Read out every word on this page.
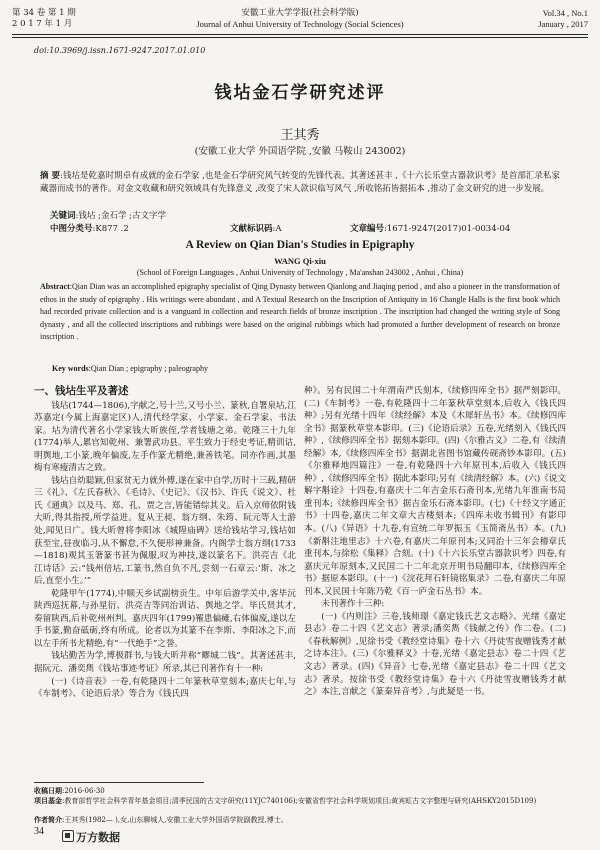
第 34 卷 第 1 期
2 0 1 7 年 1 月
安徽工业大学学报(社会科学版)
Journal of Anhui University of Technology (Social Sciences)
Vol.34 , No.1
January , 2017
doi:10.3969/j.issn.1671-9247.2017.01.010
钱坫金石学研究述评
王其秀
(安徽工业大学 外国语学院 ,安徽 马鞍山 243002)
摘 要:钱坫是乾嘉时期卓有成就的金石学家 ,也是金石学研究风气转变的先锋代表。其著述甚丰 ,《十六长乐堂古器款识考》是首部汇录私家藏器而成书的著作。对金文收藏和研究领域具有先锋意义 ,改变了宋人款识临写风气 ,所收铭拓皆据拓本 ,推动了金文研究的进一步发展。
关键词:钱坫 ;金石学 ;古文字学
中图分类号:K877 .2	文献标识码:A	文章编号:1671-9247(2017)01-0034-04
A Review on Qian Dian's Studies in Epigraphy
WANG Qi-xiu
(School of Foreign Languages , Anhui University of Technology , Ma'anshan 243002 , Anhui , China)
Abstract:Qian Dian was an accomplished epigraphy specialist of Qing Dynasty between Qianlong and Jiaqing period , and also a pioneer in the transformation of ethos in the study of epigraphy . His writings were abundant , and A Textual Research on the Inscription of Antiquity in 16 Changle Halls is the first book which had recorded private collection and is a vanguard in collection and research fields of bronze inscription . The inscription had changed the writing style of Song dynasty , and all the collected inscriptions and rubbings were based on the original rubbings which had promoted a further development of research on bronze inscription .
Key words:Qian Dian ; epigraphy ; paleography
一、钱坫生平及著述

钱坫(1744—1806),字献之,号十兰,又号小兰、篆秋,自署泉坫,江苏嘉定(今属上海嘉定区)人,清代经学家、小学家、金石学家、书法家。坫为清代著名小学家钱大昕族侄,学者钱塘之弟。乾隆三十九年(1774)举人,累官知乾州、兼署武功县。平生致力于经史考证,精训诂,明舆地,工小篆,晚年偏废,左手作篆尤精绝,兼善铁笔。同亦作画,其墨梅有寒瘦清古之致。

钱坫自幼聪颖,但家贫无力就外傅,遂在家中自学,历时十三载,精研三《礼》、《左氏春秋》、《毛诗》、《史记》、《汉书》、许氏《说文》、杜氏《通典》以及马、郑、孔、贾之言,皆能错综其义。后入京师依附钱大昕,得其指授,所学益进。复从王昶、翁方纲、朱筠、阮元等人士游处,闻见日广。钱大昕曾将李阳冰《城隍庙碑》送给钱坫学习,钱坫如获至宝,昼夜临习,从不懈怠,不久便形神兼备。内阁学士翁方纲(1733—1818)观其玉箸篆书甚为佩服,叹为神技,遂以篆名下。洪亮吉《北江诗话》云:“钱州倍坫,工篆书,然自负不凡,尝刻一石章云:‘斯、冰之后,直至小生。’”

乾隆甲午(1774),中顺天乡试副榜贡生。中年后游学关中,客毕沅陕西巡抚幕,与孙星衍、洪亮吉等同治训诂、舆地之学。毕氏贤其才,奏留陕西,后补乾州州判。嘉庆四年(1799)罹患偏瘫,右体偏废,遂以左手书篆,勤奋砥砺,终有所成。论者以为其篆不在李斯、李阳冰之下,而以左手所书尤精绝,有“一代绝手”之誉。

钱坫勤苦为学,博极群书,与钱大昕并称“疁城二钱”。其著述甚丰,据阮元、潘奕雋《钱坫事迹考证》所录,其已刊著作有十一种:

(一)《诗音表》一卷,有乾隆四十二年篆秋草堂刻本;嘉庆七年,与《车制考》、《论语后录》等合为《钱氏四

种》。另有民国二十年渭南严氏刻本,《续修四库全书》据严刻影印。(二)《车制考》一卷,有乾隆四十二年篆秋草堂刻本,后收入《钱氏四种》;另有光绪十四年《续经解》本及《木犀轩丛书》本。《续修四库全书》据篆秋草堂本影印。(三)《论语后录》五卷,光绪刻入《钱氏四种》,《续修四库全书》据刻本影印。(四)《尔雅古义》二卷,有《续清经解》本,《续修四库全书》据湖北省图书馆藏传砚斋钞本影印。(五)《尔雅释地四篇注》一卷,有乾隆四十六年原刊本,后收入《钱氏四种》,《续修四库全书》据此本影印;另有《续清经解》本。(六)《说文解字斠诠》十四卷,有嘉庆十二年吉金乐石斋刊本,光绪九年淮南书局重刊本;《续修四库全书》据吉金乐石斋本影印。(七)《十经文字通正书》十四卷,嘉庆二年文章大吉楼刻本;《四库未收书辑刊》有影印本。(八)《异语》十九卷,有宣统二年罗振玉《玉简斋丛书》本。(九)《新斠注地里志》十六卷,有嘉庆二年原刊本;又同治十三年会稽章氏重刊本,与徐松《集释》合刻。(十)《十六长乐堂古器款识考》四卷,有嘉庆元年原刻本,又民国二十二年北京开明书局翻印本,《续修四库全书》据原本影印。(十一)《浣花拜石轩镜铭集录》二卷,有嘉庆二年原刊本,又民国十年陈乃乾《百一庐金石丛书》本。

未刊著作十三种:

(一)《内则注》三卷,钱师璟《嘉定钱氏艺文志略》、光绪《嘉定县志》卷二十四《艺文志》著录;潘奕雋《钱献之传》作二卷。(二)《春秋解例》,见徐书受《教经堂诗集》卷十六《丹徒雪夜赠钱秀才献之诗本注》。(三)《尔雅释义》十卷,光绪《嘉定县志》卷二十四《艺文志》著录。(四)《异音》七卷,光绪《嘉定县志》卷二十四《艺文志》著录。按徐书受《教经堂诗集》卷十六《丹徒雪夜赠钱秀才献之》本注,言献之《篆秦异音考》,与此疑是一书。

收稿日期:2016-06-30
项目基金:教育部哲学社会科学青年基金项目;清季民国的古文字研究(11YJC740106);安徽省哲学社会科学规划项目;黄宾虹古文字整理与研究(AHSKY2015D109)
作者简介:王其秀(1982— ),女,山东聊城人,安徽工业大学外国语学院副教授,博士。
34	万方数据
